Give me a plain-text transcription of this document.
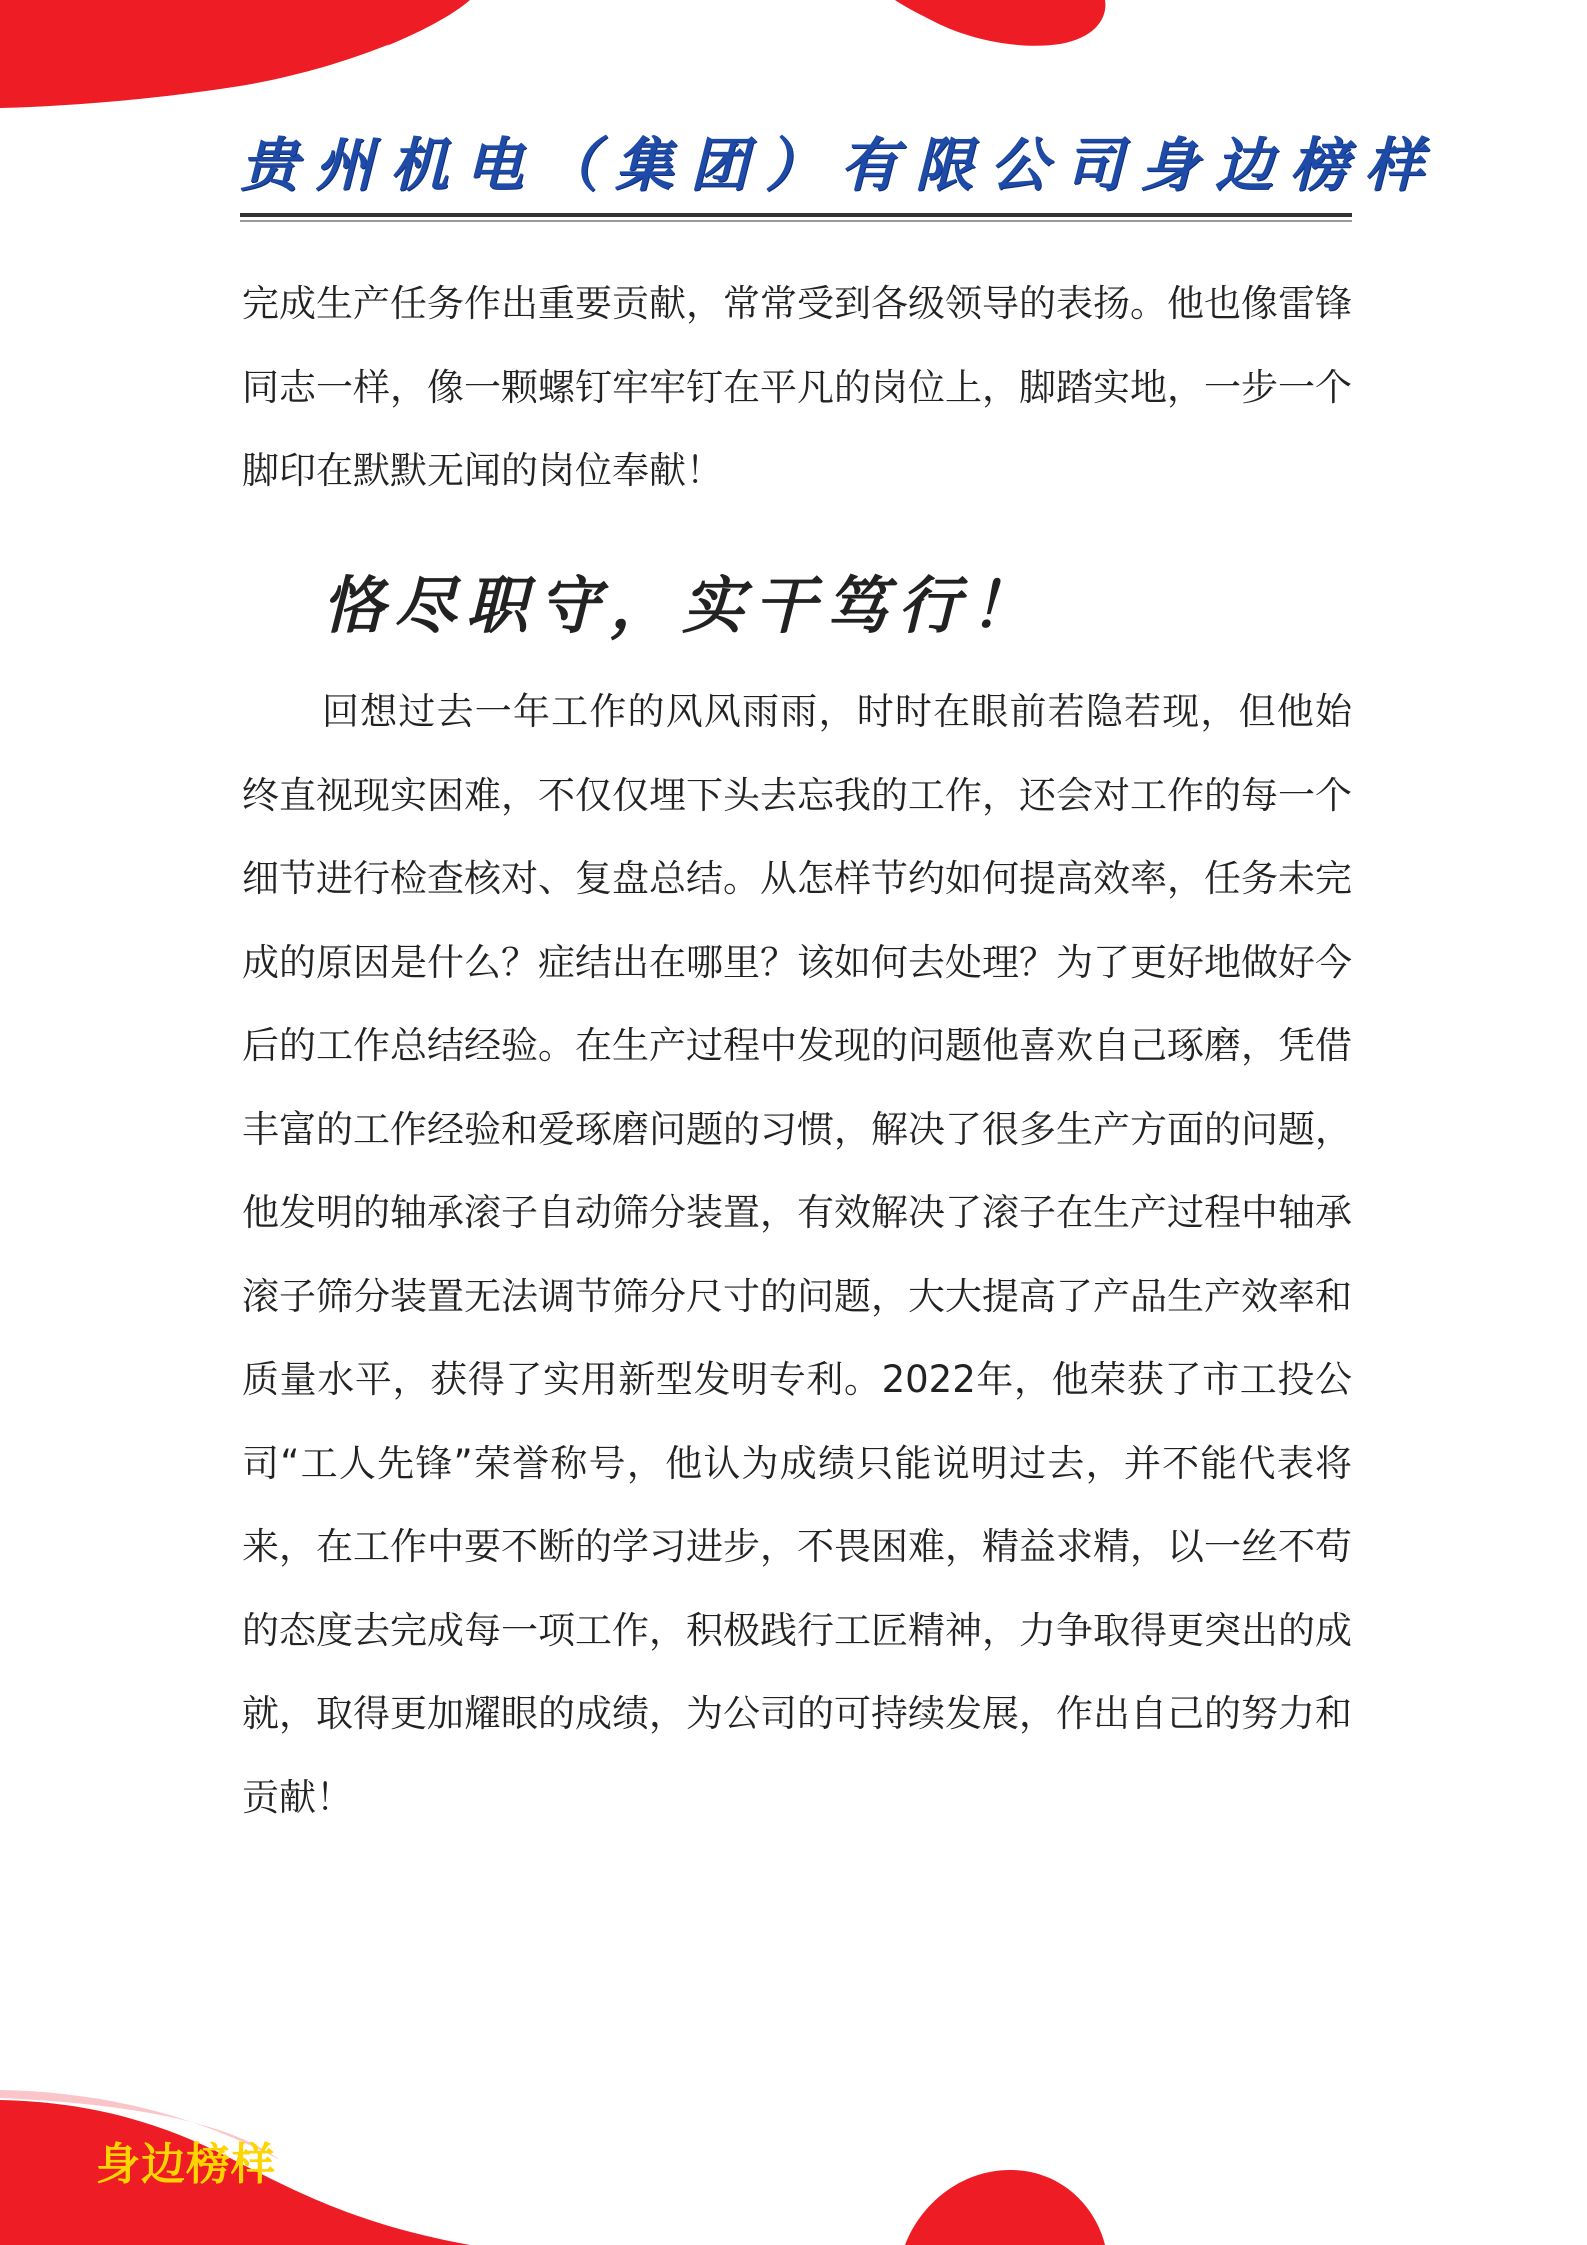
贵州机电（集团）有限公司身边榜样

完成生产任务作出重要贡献，常常受到各级领导的表扬。他也像雷锋同志一样，像一颗螺钉牢牢钉在平凡的岗位上，脚踏实地，一步一个脚印在默默无闻的岗位奉献！

恪尽职守，实干笃行！

回想过去一年工作的风风雨雨，时时在眼前若隐若现，但他始终直视现实困难，不仅仅埋下头去忘我的工作，还会对工作的每一个细节进行检查核对、复盘总结。从怎样节约如何提高效率，任务未完成的原因是什么？症结出在哪里？该如何去处理？为了更好地做好今后的工作总结经验。在生产过程中发现的问题他喜欢自己琢磨，凭借丰富的工作经验和爱琢磨问题的习惯，解决了很多生产方面的问题，他发明的轴承滚子自动筛分装置，有效解决了滚子在生产过程中轴承滚子筛分装置无法调节筛分尺寸的问题，大大提高了产品生产效率和质量水平，获得了实用新型发明专利。2022年，他荣获了市工投公司“工人先锋”荣誉称号，他认为成绩只能说明过去，并不能代表将来，在工作中要不断的学习进步，不畏困难，精益求精，以一丝不苟的态度去完成每一项工作，积极践行工匠精神，力争取得更突出的成就，取得更加耀眼的成绩，为公司的可持续发展，作出自己的努力和贡献！

身边榜样
